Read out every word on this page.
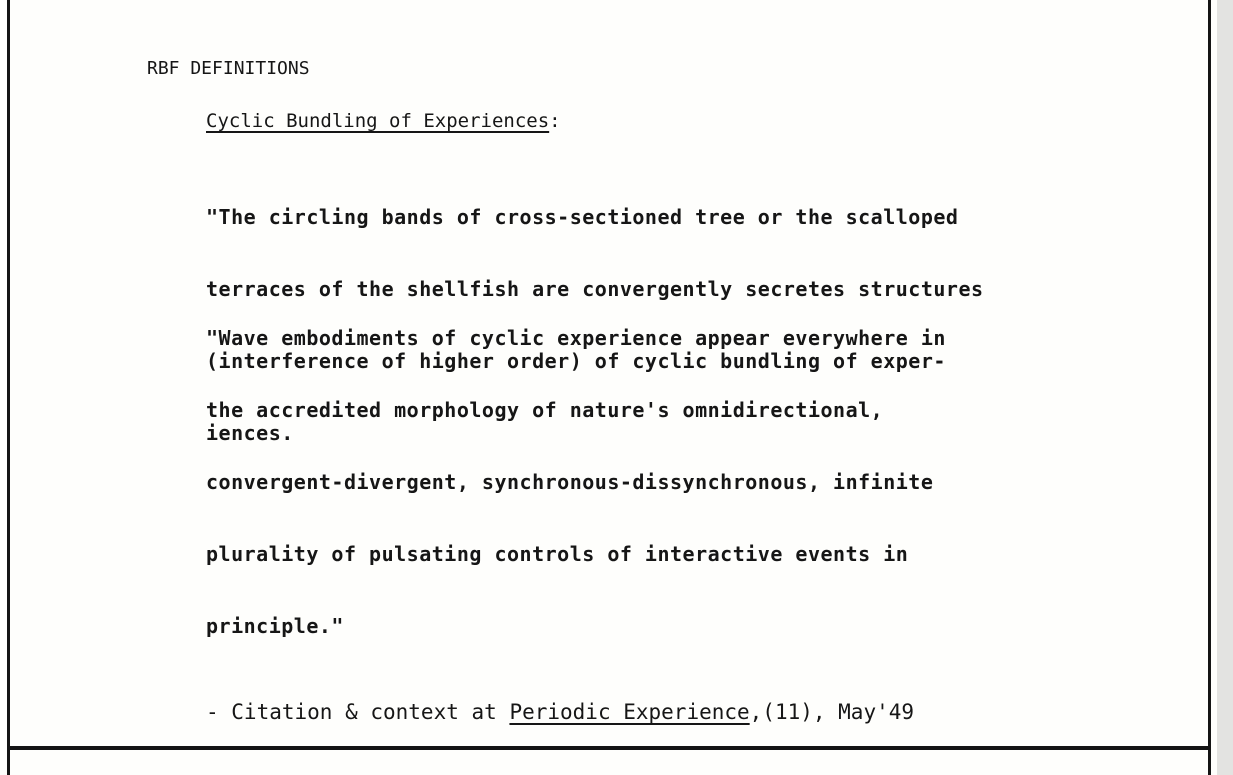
RBF DEFINITIONS
Cyclic Bundling of Experiences:

"The circling bands of cross-sectioned tree or the scalloped

terraces of the shellfish are convergently secretes structures

(interference of higher order) of cyclic bundling of exper-

iences.

"Wave embodiments of cyclic experience appear everywhere in

the accredited morphology of nature's omnidirectional,

convergent-divergent, synchronous-dissynchronous, infinite

plurality of pulsating controls of interactive events in

principle."

- Citation & context at Periodic Experience,(11), May'49
